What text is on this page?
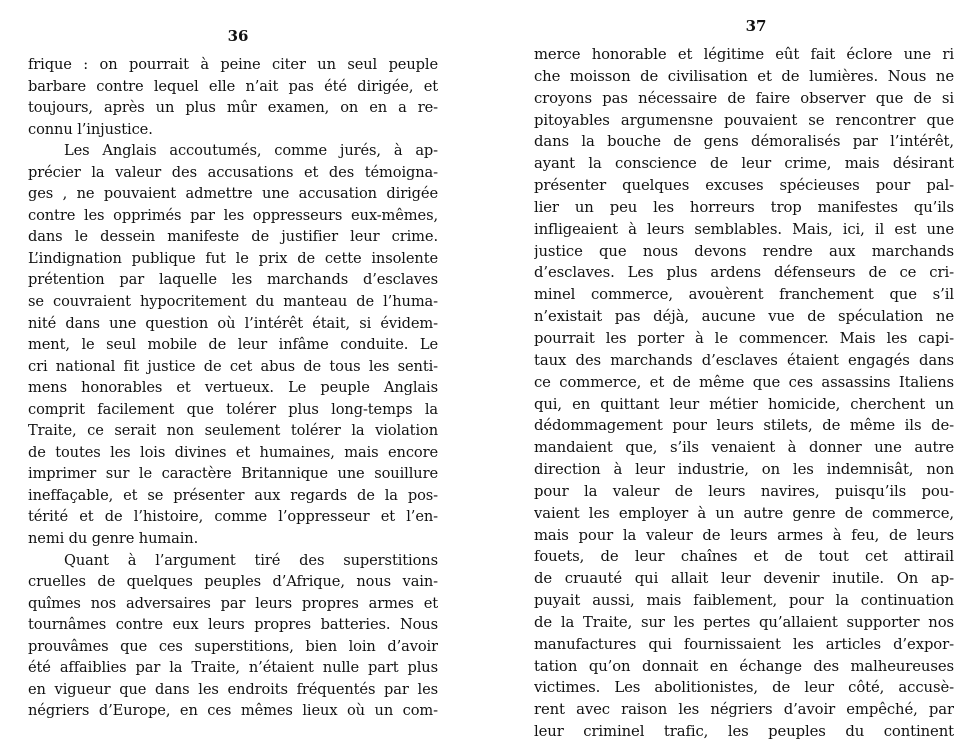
36
frique : on pourrait à peine citer un seul peuple
barbare contre lequel elle n’ait pas été dirigée, et
toujours, après un plus mûr examen, on en a re-
connu l’injustice.
Les Anglais accoutumés, comme jurés, à ap-
précier la valeur des accusations et des témoigna-
ges , ne pouvaient admettre une accusation dirigée
contre les opprimés par les oppresseurs eux-mêmes,
dans le dessein manifeste de justifier leur crime.
L’indignation publique fut le prix de cette insolente
prétention par laquelle les marchands d’esclaves
se couvraient hypocritement du manteau de l’huma-
nité dans une question où l’intérêt était, si évidem-
ment, le seul mobile de leur infâme conduite. Le
cri national fit justice de cet abus de tous les senti-
mens honorables et vertueux. Le peuple Anglais
comprit facilement que tolérer plus long-temps la
Traite, ce serait non seulement tolérer la violation
de toutes les lois divines et humaines, mais encore
imprimer sur le caractère Britannique une souillure
ineffaçable, et se présenter aux regards de la pos-
térité et de l’histoire, comme l’oppresseur et l’en-
nemi du genre humain.
Quant à l’argument tiré des superstitions
cruelles de quelques peuples d’Afrique, nous vain-
quîmes nos adversaires par leurs propres armes et
tournâmes contre eux leurs propres batteries. Nous
prouvâmes que ces superstitions, bien loin d’avoir
été affaiblies par la Traite, n’étaient nulle part plus
en vigueur que dans les endroits fréquentés par les
négriers d’Europe, en ces mêmes lieux où un com-
37
merce honorable et légitime eût fait éclore une ri
che moisson de civilisation et de lumières. Nous ne
croyons pas nécessaire de faire observer que de si
pitoyables argumensne pouvaient se rencontrer que
dans la bouche de gens démoralisés par l’intérêt,
ayant la conscience de leur crime, mais désirant
présenter quelques excuses spécieuses pour pal-
lier un peu les horreurs trop manifestes qu’ils
infligeaient à leurs semblables. Mais, ici, il est une
justice que nous devons rendre aux marchands
d’esclaves. Les plus ardens défenseurs de ce cri-
minel commerce, avouèrent franchement que s’il
n’existait pas déjà, aucune vue de spéculation ne
pourrait les porter à le commencer. Mais les capi-
taux des marchands d’esclaves étaient engagés dans
ce commerce, et de même que ces assassins Italiens
qui, en quittant leur métier homicide, cherchent un
dédommagement pour leurs stilets, de même ils de-
mandaient que, s’ils venaient à donner une autre
direction à leur industrie, on les indemnisât, non
pour la valeur de leurs navires, puisqu’ils pou-
vaient les employer à un autre genre de commerce,
mais pour la valeur de leurs armes à feu, de leurs
fouets, de leur chaînes et de tout cet attirail
de cruauté qui allait leur devenir inutile. On ap-
puyait aussi, mais faiblement, pour la continuation
de la Traite, sur les pertes qu’allaient supporter nos
manufactures qui fournissaient les articles d’expor-
tation qu’on donnait en échange des malheureuses
victimes. Les abolitionistes, de leur côté, accusè-
rent avec raison les négriers d’avoir empêché, par
leur criminel trafic, les peuples du continent
